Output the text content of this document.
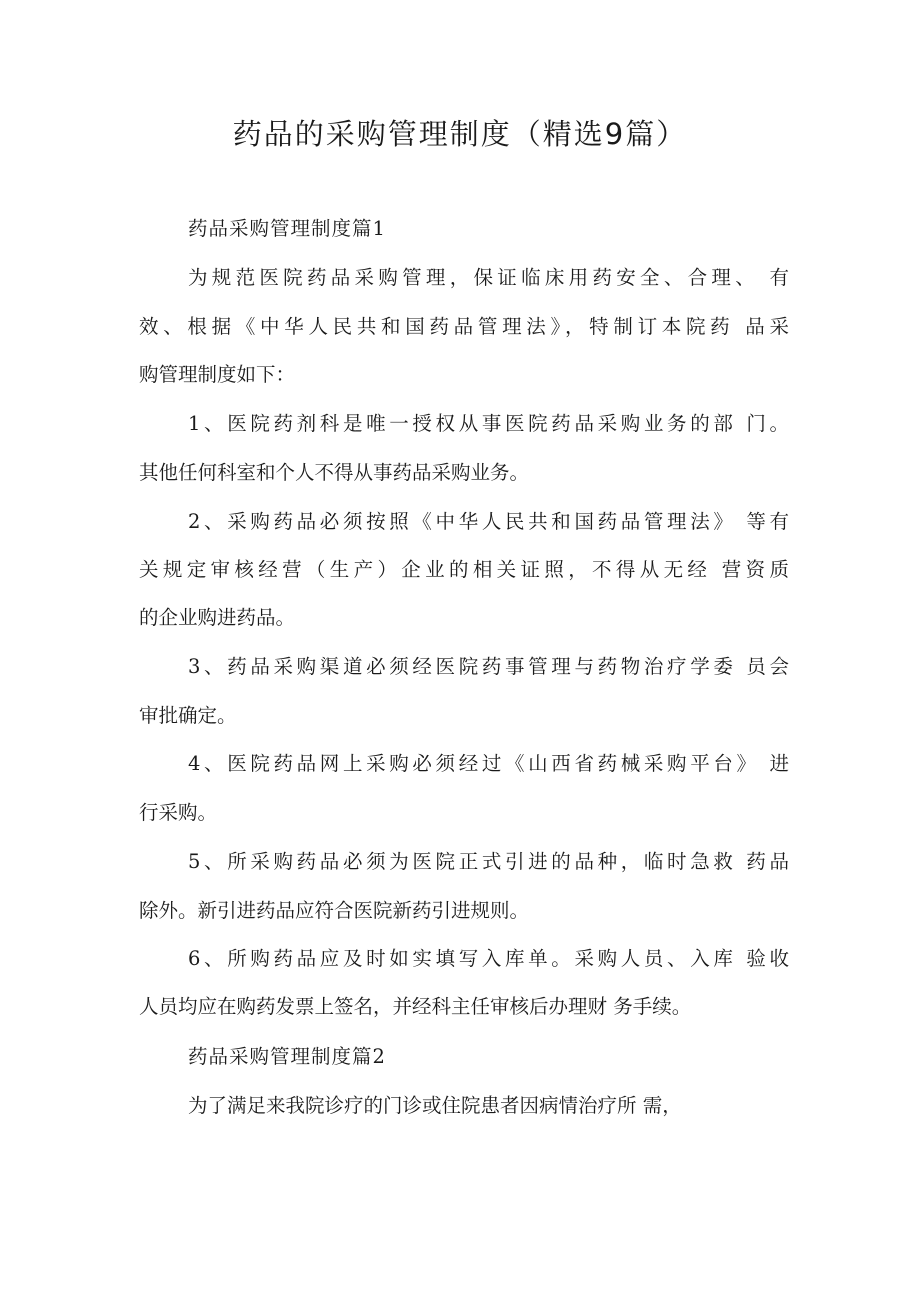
药品的采购管理制度（精选9篇）
药品采购管理制度篇1
为规范医院药品采购管理，保证临床用药安全、合理、 有
效、根据《中华人民共和国药品管理法》，特制订本院药 品采
购管理制度如下：
1、医院药剂科是唯一授权从事医院药品采购业务的部 门。
其他任何科室和个人不得从事药品采购业务。
2、采购药品必须按照《中华人民共和国药品管理法》 等有
关规定审核经营（生产）企业的相关证照，不得从无经 营资质
的企业购进药品。
3、药品采购渠道必须经医院药事管理与药物治疗学委 员会
审批确定。
4、医院药品网上采购必须经过《山西省药械采购平台》 进
行采购。
5、所采购药品必须为医院正式引进的品种，临时急救 药品
除外。新引进药品应符合医院新药引进规则。
6、所购药品应及时如实填写入库单。采购人员、入库 验收
人员均应在购药发票上签名，并经科主任审核后办理财 务手续。
药品采购管理制度篇2
为了满足来我院诊疗的门诊或住院患者因病情治疗所 需，
